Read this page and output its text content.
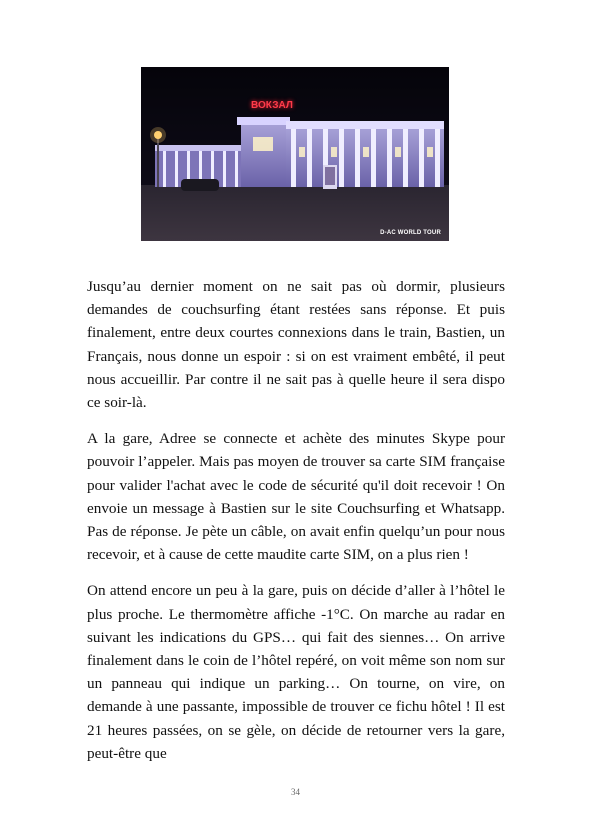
ВОКЗАЛ
D-AC WORLD TOUR

Jusqu’au dernier moment on ne sait pas où dormir, plusieurs demandes de couchsurfing étant restées sans réponse. Et puis finalement, entre deux courtes connexions dans le train, Bastien, un Français, nous donne un espoir : si on est vraiment embêté, il peut nous accueillir. Par contre il ne sait pas à quelle heure il sera dispo ce soir-là.

A la gare, Adree se connecte et achète des minutes Skype pour pouvoir l’appeler. Mais pas moyen de trouver sa carte SIM française pour valider l'achat avec le code de sécurité qu'il doit recevoir ! On envoie un message à Bastien sur le site Couchsurfing et Whatsapp. Pas de réponse. Je pète un câble, on avait enfin quelqu’un pour nous recevoir, et à cause de cette maudite carte SIM, on a plus rien !

On attend encore un peu à la gare, puis on décide d’aller à l’hôtel le plus proche. Le thermomètre affiche -1°C. On marche au radar en suivant les indications du GPS… qui fait des siennes… On arrive finalement dans le coin de l’hôtel repéré, on voit même son nom sur un panneau qui indique un parking… On tourne, on vire, on demande à une passante, impossible de trouver ce fichu hôtel ! Il est 21 heures passées, on se gèle, on décide de retourner vers la gare, peut-être que

34
